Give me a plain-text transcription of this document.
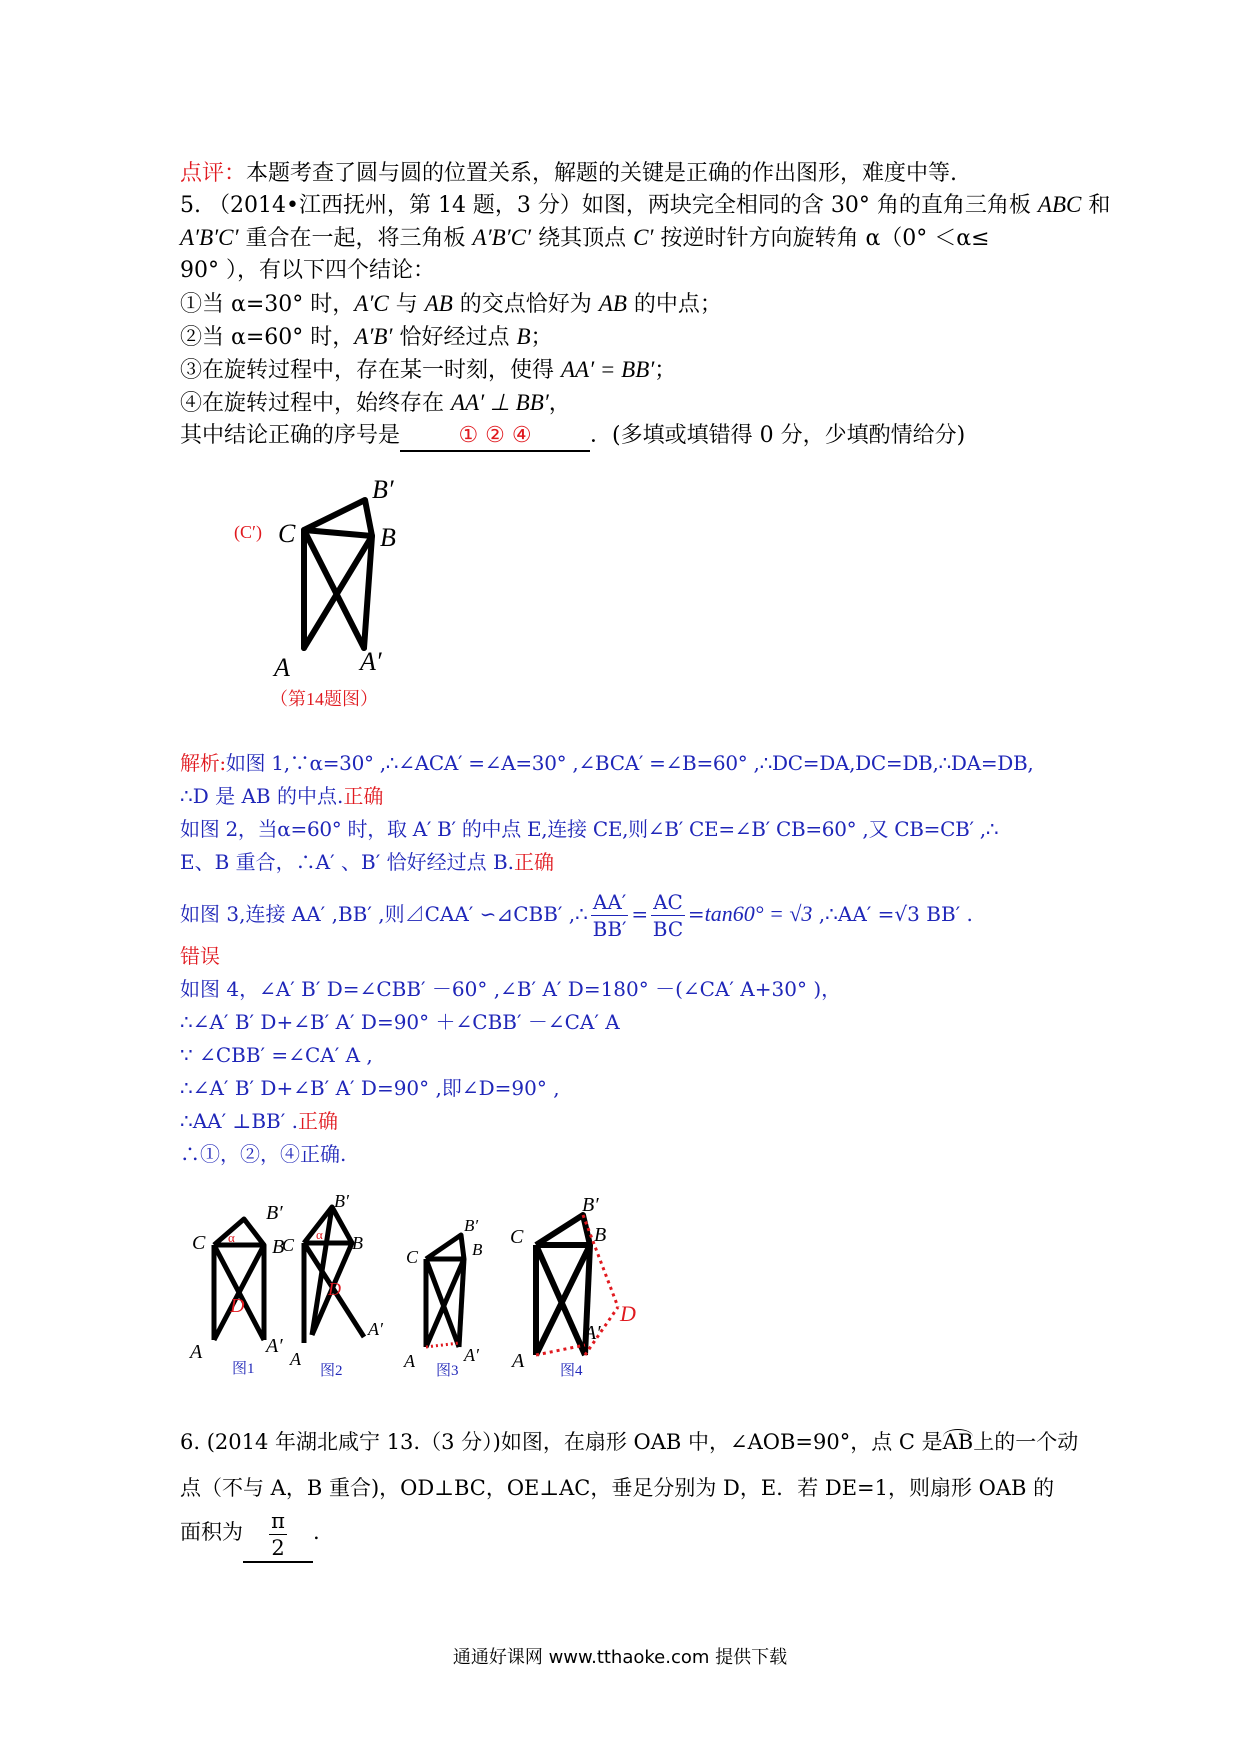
点评：本题考查了圆与圆的位置关系，解题的关键是正确的作出图形，难度中等.
5. （2014•江西抚州，第 14 题，3 分）如图，两块完全相同的含 30° 角的直角三角板 ABC 和
A′B′C′ 重合在一起，将三角板 A′B′C′ 绕其顶点 C′ 按逆时针方向旋转角 α（0° ＜α≤
90° ），有以下四个结论：
①当 α=30° 时，A′C 与 AB 的交点恰好为 AB 的中点；
②当 α=60° 时，A′B′ 恰好经过点 B；
③在旋转过程中，存在某一时刻，使得 AA′ = BB′；
④在旋转过程中，始终存在 AA′ ⊥ BB′，
其中结论正确的序号是	① ② ④	．(多填或填错得 0 分，少填酌情给分)
(C′) C
B′
B
A	A′
（第14题图）
解析:如图 1,∵α=30° ,∴∠ACA′ =∠A=30° ,∠BCA′ =∠B=60° ,∴DC=DA,DC=DB,∴DA=DB,
∴D 是 AB 的中点.正确
如图 2，当α=60° 时，取 A′ B′ 的中点 E,连接 CE,则∠B′ CE=∠B′ CB=60° ,又 CB=CB′ ,∴
E、B 重合，∴A′ 、B′ 恰好经过点 B.正确
如图 3,连接 AA′ ,BB′ ,则⊿CAA′ ∽⊿CBB′ ,∴ $\frac{AA'}{BB'} = \frac{AC}{BC} =\tan 60^\circ = √3$ ,∴AA′ =√3 BB′ .
错误
如图 4，∠A′ B′ D=∠CBB′ －60° ,∠B′ A′ D=180° －(∠CA′ A+30° )，
∴∠A′ B′ D+∠B′ A′ D=90° ＋∠CBB′ －∠CA′ A
∵ ∠CBB′ =∠CA′ A ,
∴∠A′ B′ D+∠B′ A′ D=90° ,即∠D=90° ,
∴AA′ ⊥BB′ .正确
∴①，②，④正确.
α
C
B′
B
D
A	A′
图1
α
C
B′
B
D
A
A′
图2
C
B′
B
A	A′
图3
C
B′
B
D
A
A′
图4
6. (2014 年湖北咸宁 13.（3 分）)如图，在扇形 OAB 中，∠AOB=90°，点 C 是AB上的一个动
点（不与 A，B 重合)，OD⊥BC，OE⊥AC，垂足分别为 D，E．若 DE=1，则扇形 OAB 的
面积为 $\frac{\pi}{2}$ .
通通好课网 www.tthaoke.com 提供下载
